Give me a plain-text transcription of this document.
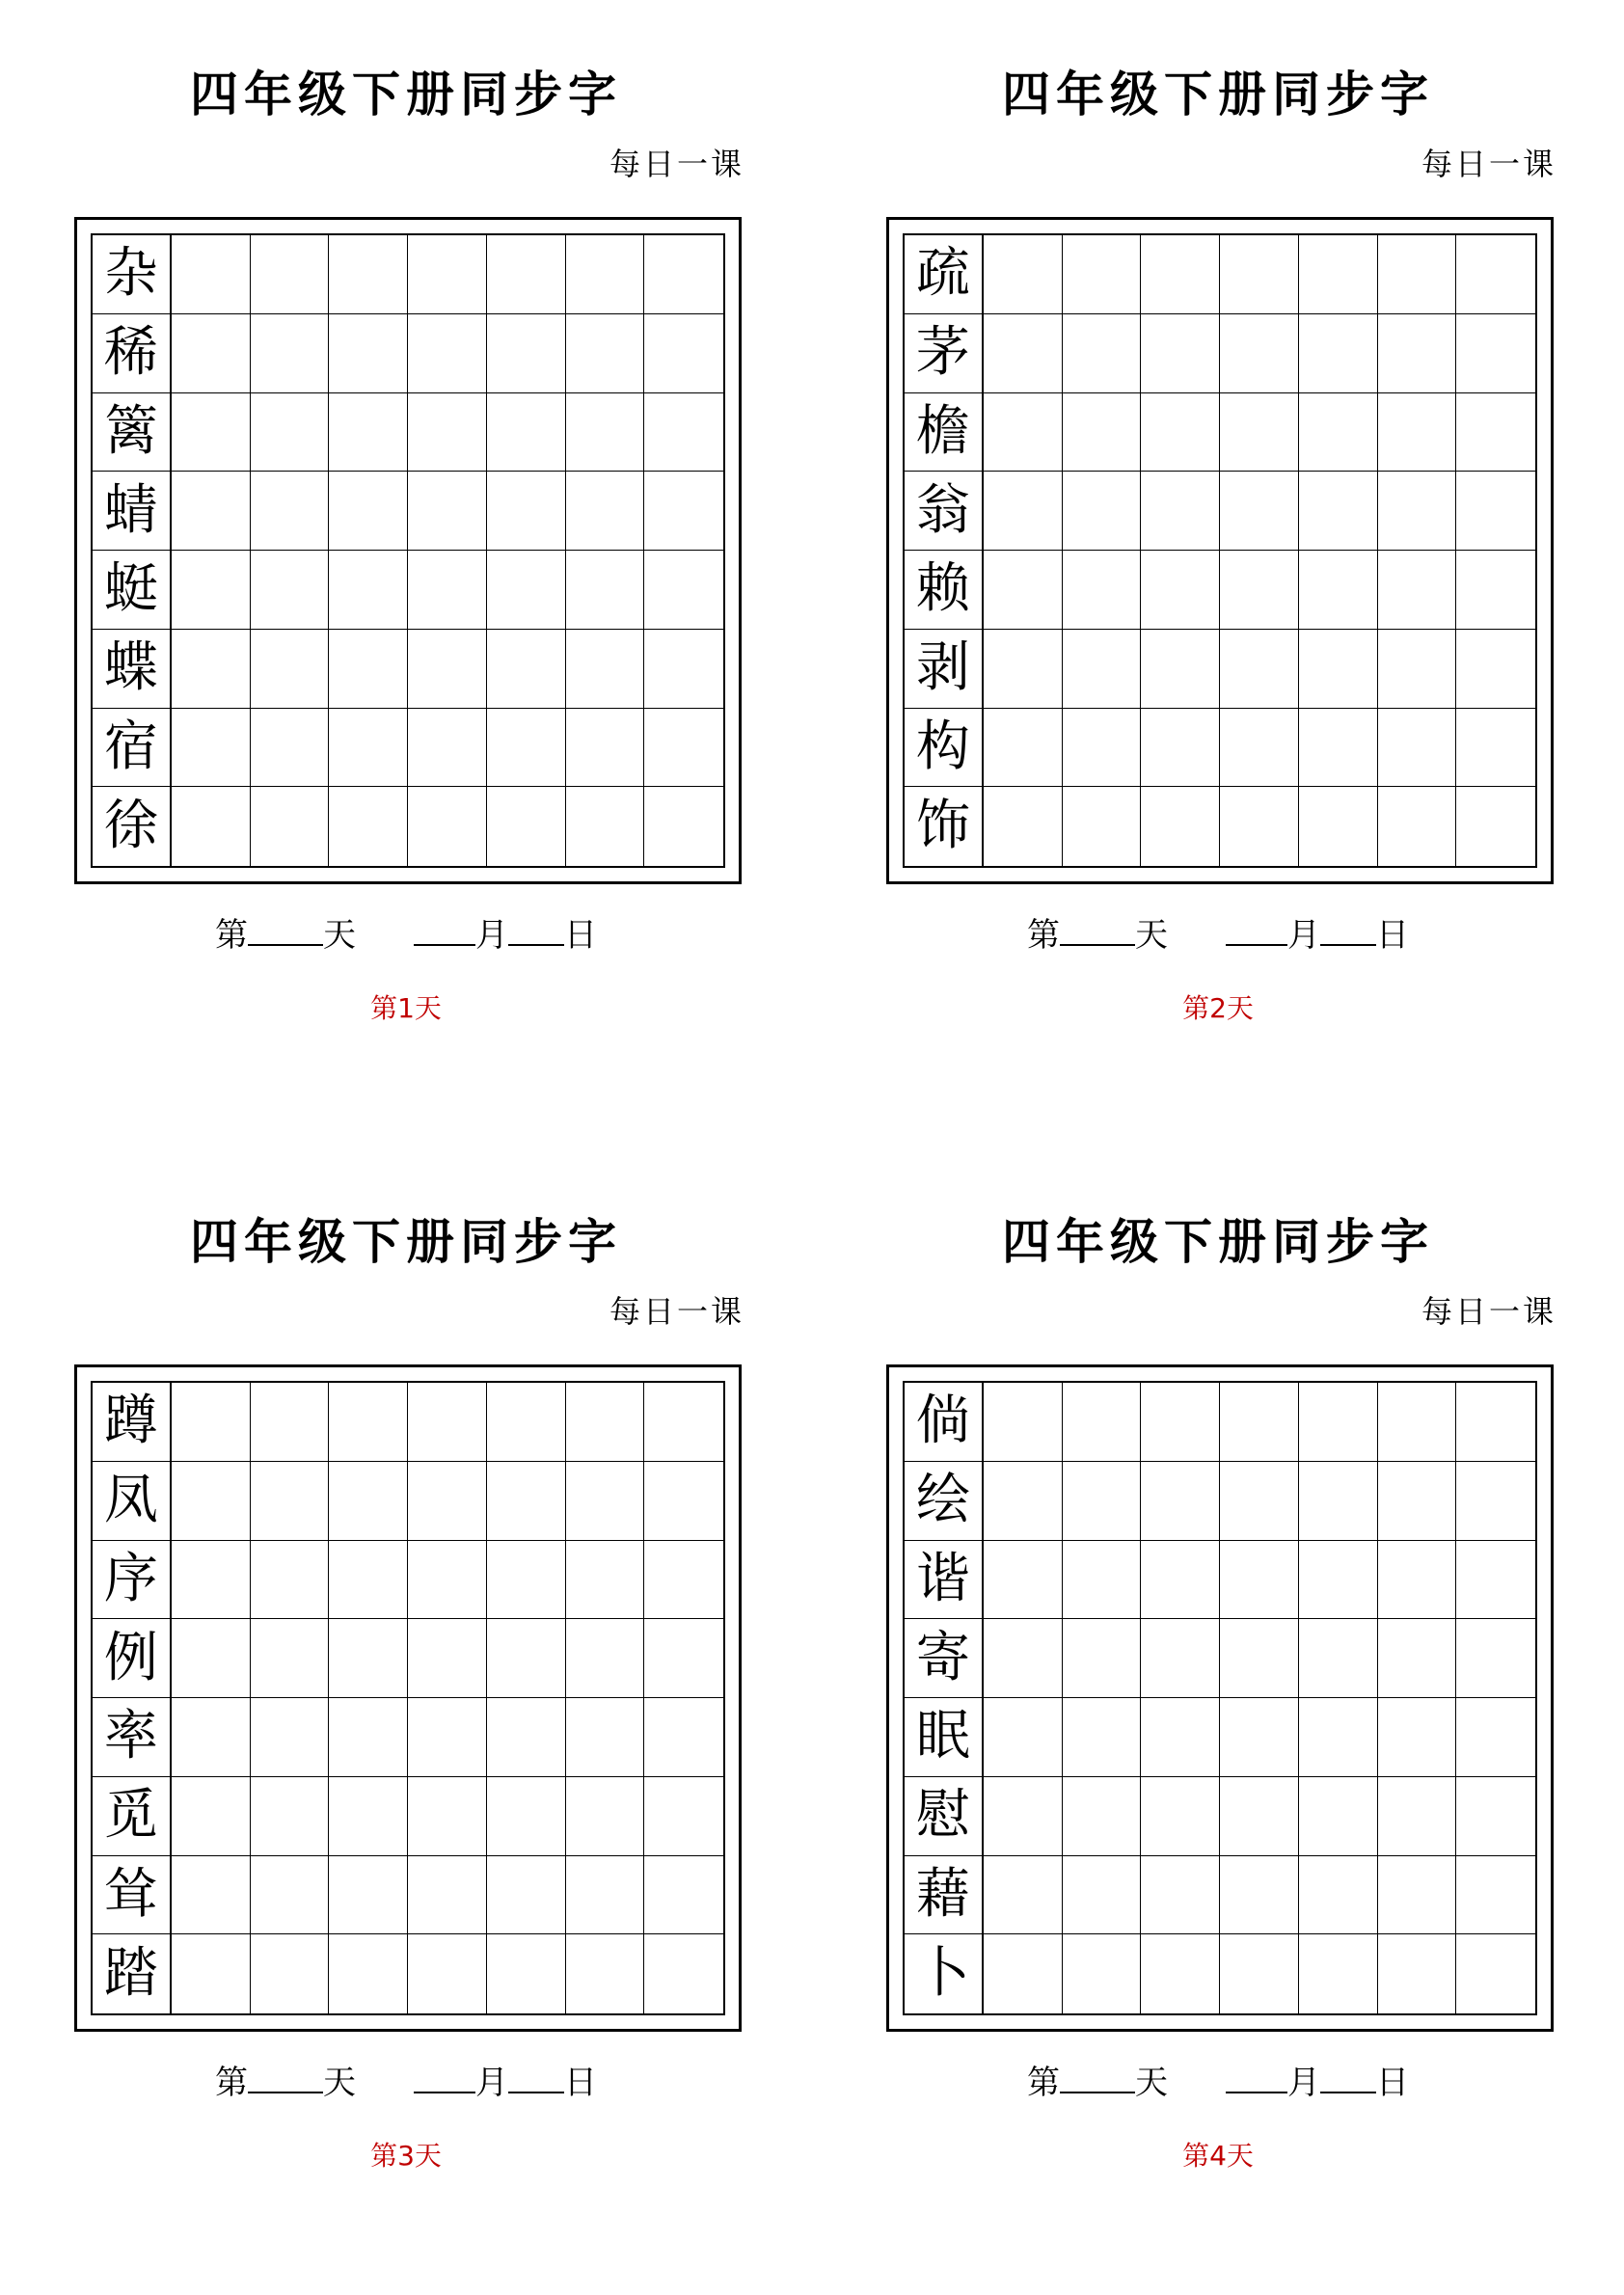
四年级下册同步字
每日一课
杂
稀
篱
蜻
蜓
蝶
宿
徐
第 天	月 日
第1天
四年级下册同步字
每日一课
疏
茅
檐
翁
赖
剥
构
饰
第 天	月 日
第2天
四年级下册同步字
每日一课
蹲
凤
序
例
率
觅
耸
踏
第 天	月 日
第3天
四年级下册同步字
每日一课
倘
绘
谐
寄
眠
慰
藉
卜
第 天	月 日
第4天
